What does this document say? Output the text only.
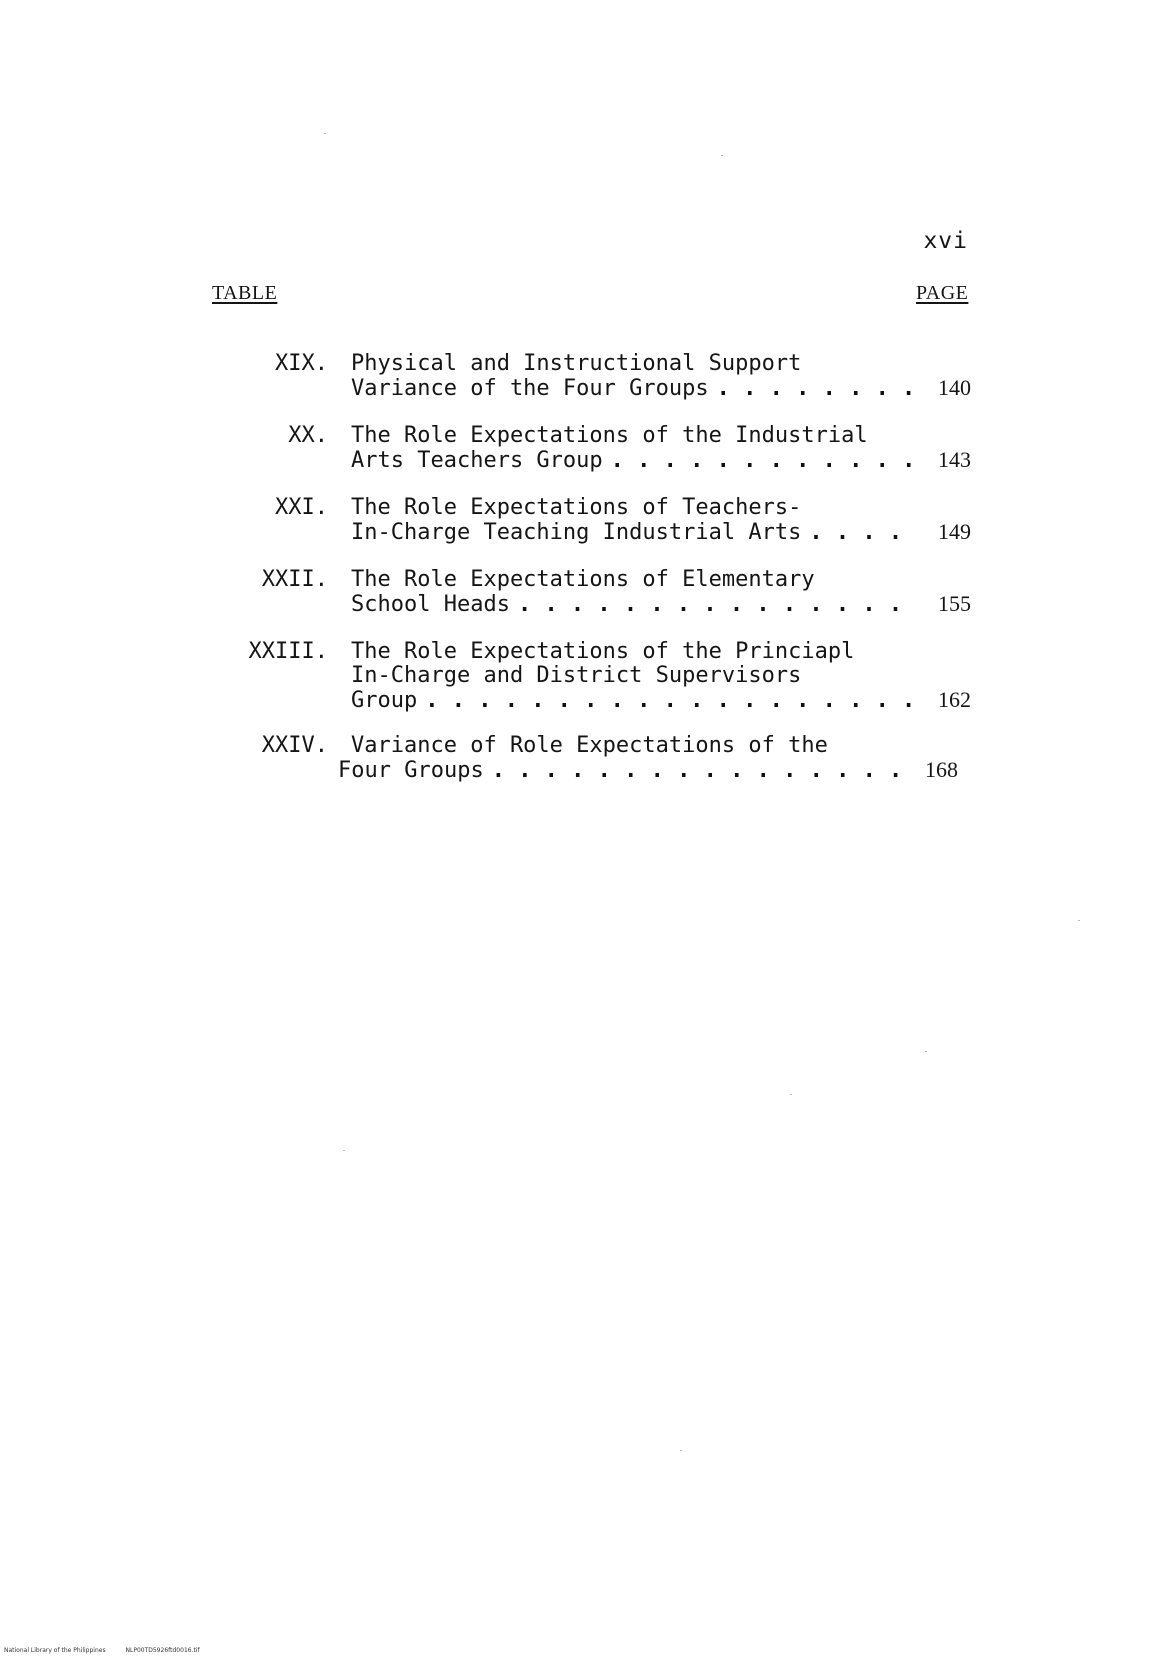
xvi
TABLE	PAGE
XIX. Physical and Instructional Support
Variance of the Four Groups . . .	140
XX. The Role Expectations of the Industrial
Arts Teachers Group . . .	143
XXI. The Role Expectations of Teachers-
In-Charge Teaching Industrial Arts . . .	149
XXII. The Role Expectations of Elementary
School Heads . . .	155
XXIII. The Role Expectations of the Princiapl
In-Charge and District Supervisors
Group . . .	162
XXIV.	Variance of Role Expectations of the
Four Groups . . .	168
National Library of the Philippines	NLP00TD5926ftd0016.tif
